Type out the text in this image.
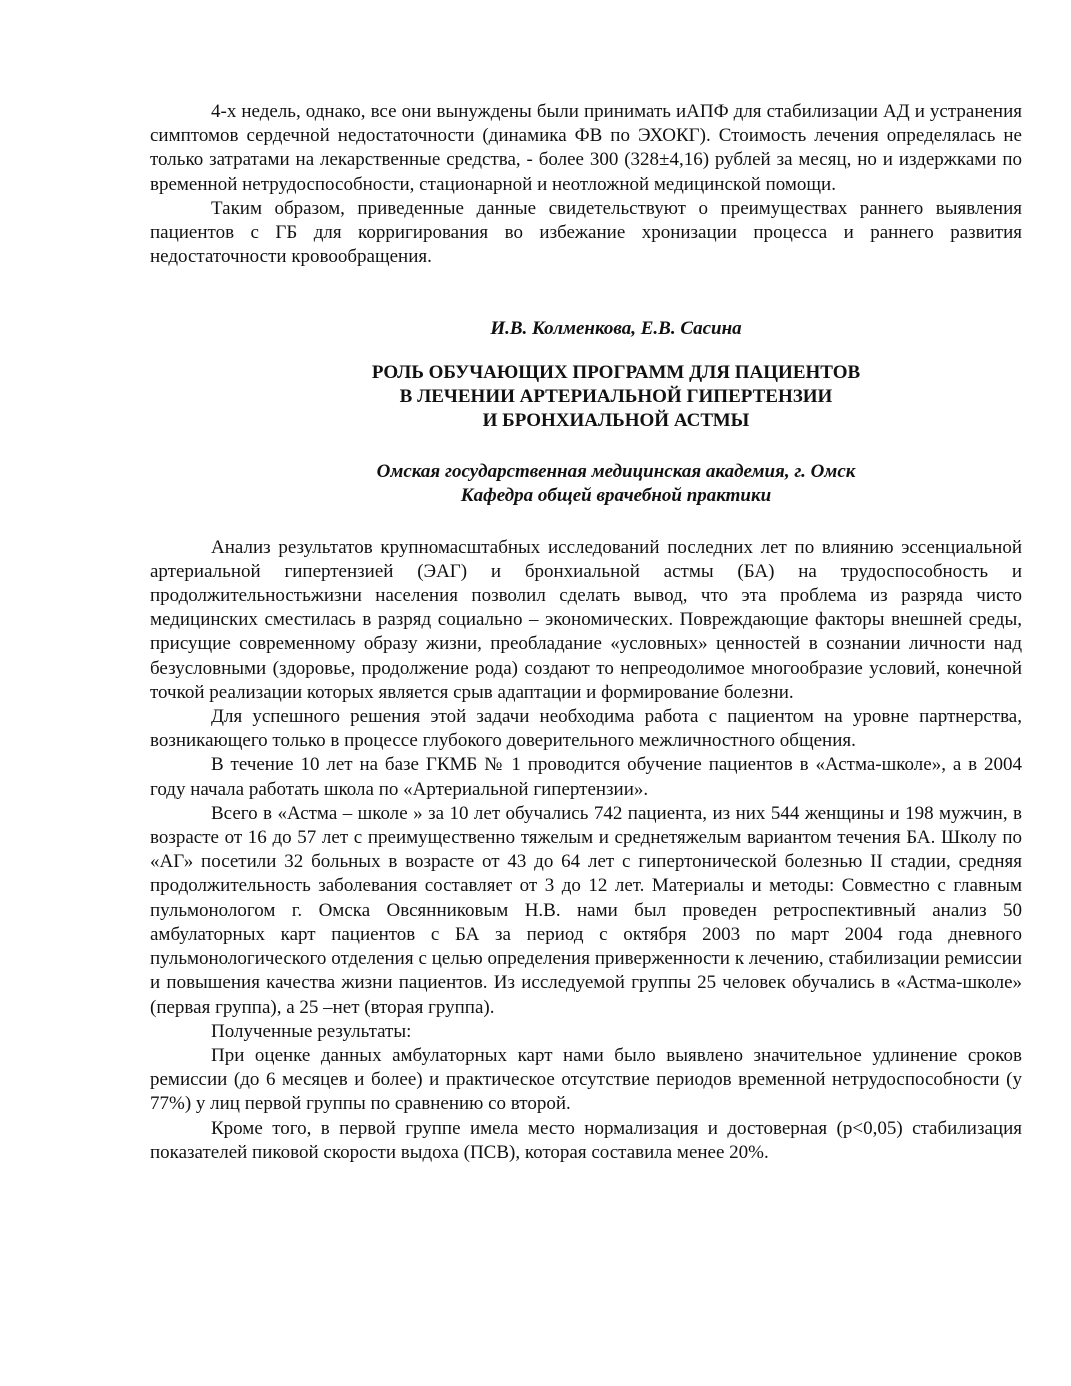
4-х недель, однако, все они вынуждены были принимать иАПФ для стабилизации АД и устранения симптомов сердечной недостаточности (динамика ФВ по ЭХОКГ). Стоимость лечения определялась не только затратами на лекарственные средства, - более 300 (328±4,16) рублей за месяц, но и издержками по временной нетрудоспособности, стационарной и неотложной медицинской помощи.

Таким образом, приведенные данные свидетельствуют о преимуществах раннего выявления пациентов с ГБ для корригирования во избежание хронизации процесса и раннего развития недостаточности кровообращения.

И.В. Колменкова, Е.В. Сасина

РОЛЬ ОБУЧАЮЩИХ ПРОГРАММ ДЛЯ ПАЦИЕНТОВ
В ЛЕЧЕНИИ АРТЕРИАЛЬНОЙ ГИПЕРТЕНЗИИ
И БРОНХИАЛЬНОЙ АСТМЫ
Омская государственная медицинская академия, г. Омск
Кафедра общей врачебной практики

Анализ результатов крупномасштабных исследований последних лет по влиянию эссенциальной артериальной гипертензией (ЭАГ) и бронхиальной астмы (БА) на трудоспособность и продолжительностьжизни населения позволил сделать вывод, что эта проблема из разряда чисто медицинских сместилась в разряд социально – экономических. Повреждающие факторы внешней среды, присущие современному образу жизни, преобладание «условных» ценностей в сознании личности над безусловными (здоровье, продолжение рода) создают то непреодолимое многообразие условий, конечной точкой реализации которых является срыв адаптации и формирование болезни.

Для успешного решения этой задачи необходима работа с пациентом на уровне партнерства, возникающего только в процессе глубокого доверительного межличностного общения.

В течение 10 лет на базе ГКМБ № 1 проводится обучение пациентов в «Астма-школе», а в 2004 году начала работать школа по «Артериальной гипертензии».

Всего в «Астма – школе » за 10 лет обучались 742 пациента, из них 544 женщины и 198 мужчин, в возрасте от 16 до 57 лет с преимущественно тяжелым и среднетяжелым вариантом течения БА. Школу по «АГ» посетили 32 больных в возрасте от 43 до 64 лет с гипертонической болезнью II стадии, средняя продолжительность заболевания составляет от 3 до 12 лет. Материалы и методы: Совместно с главным пульмонологом г. Омска Овсянниковым Н.В. нами был проведен ретроспективный анализ 50 амбулаторных карт пациентов с БА за период с октября 2003 по март 2004 года дневного пульмонологического отделения с целью определения приверженности к лечению, стабилизации ремиссии и повышения качества жизни пациентов. Из исследуемой группы 25 человек обучались в «Астма-школе» (первая группа), а 25 –нет (вторая группа).

Полученные результаты:

При оценке данных амбулаторных карт нами было выявлено значительное удлинение сроков ремиссии (до 6 месяцев и более) и практическое отсутствие периодов временной нетрудоспособности (у 77%) у лиц первой группы по сравнению со второй.

Кроме того, в первой группе имела место нормализация и достоверная (р<0,05) стабилизация показателей пиковой скорости выдоха (ПСВ), которая составила менее 20%.
